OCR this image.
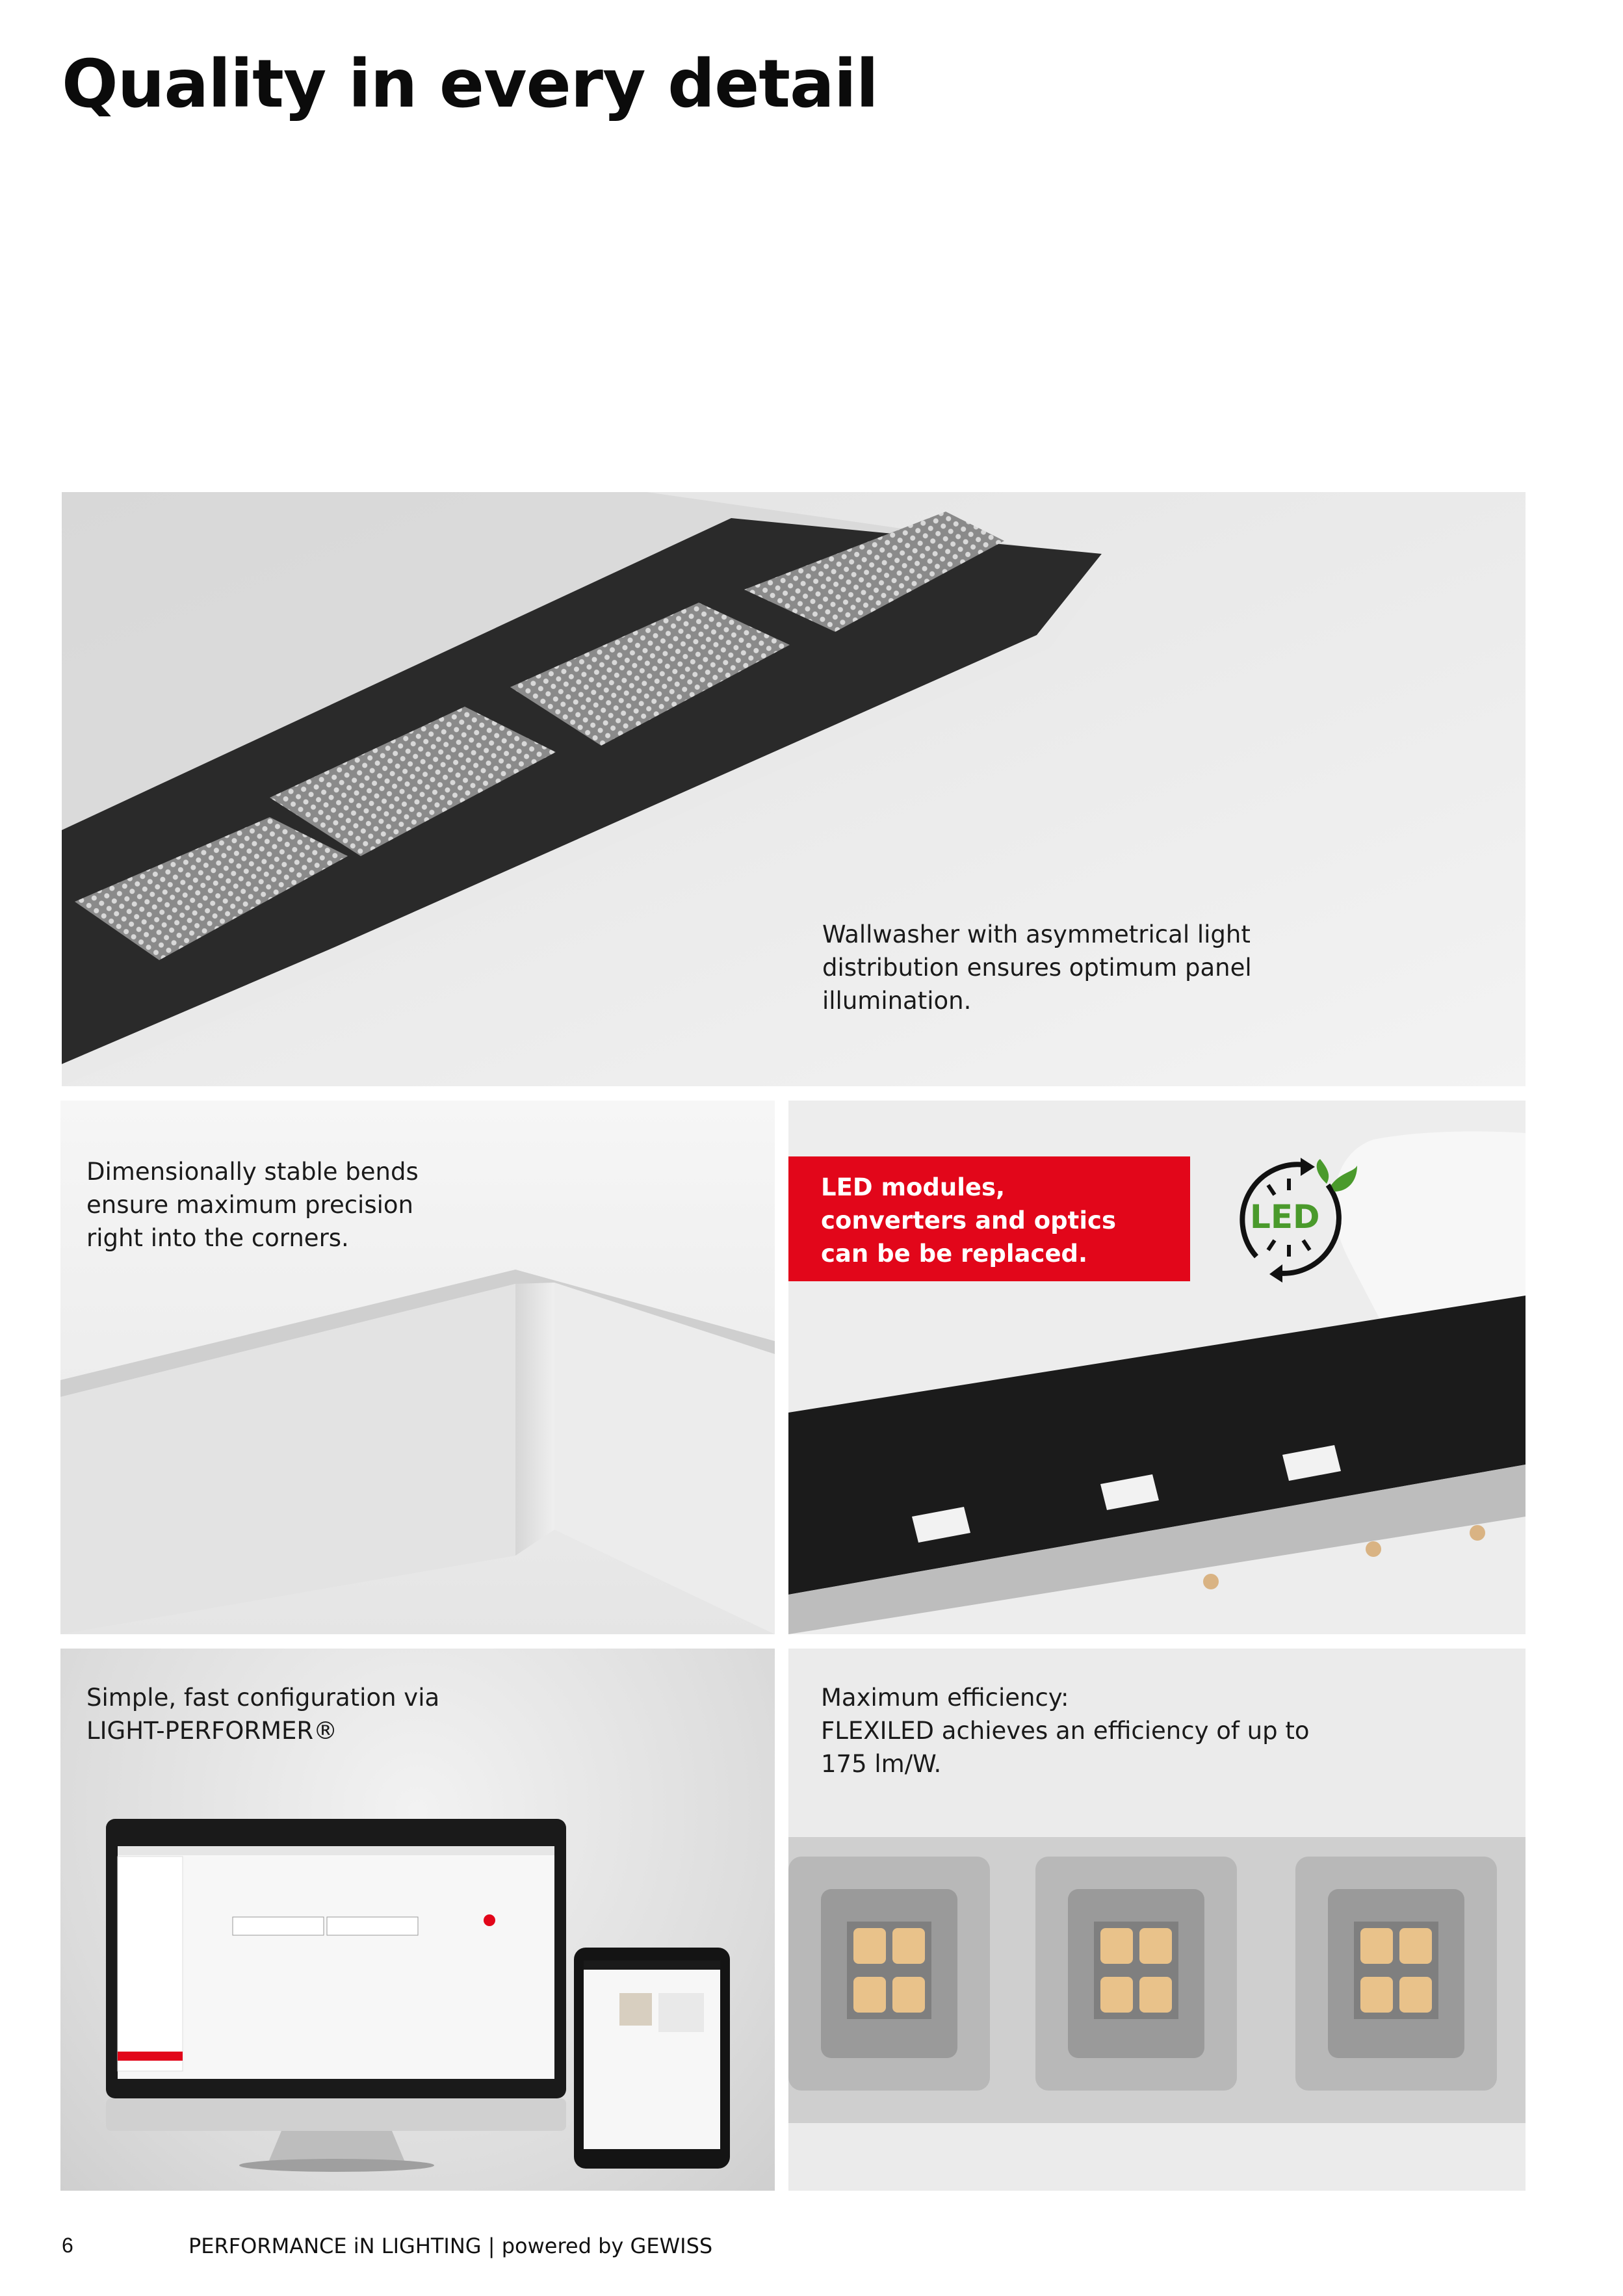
Quality in every detail
Wallwasher with asymmetrical light
distribution ensures optimum panel
illumination.
Dimensionally stable bends
ensure maximum precision
right into the corners.
LED modules,
converters and optics
can be be replaced.
LED
Simple, fast configuration via
LIGHT-PERFORMER®
Maximum efficiency:
FLEXILED achieves an efficiency of up to
175 lm/W.
6	PERFORMANCE iN LIGHTING | powered by GEWISS
